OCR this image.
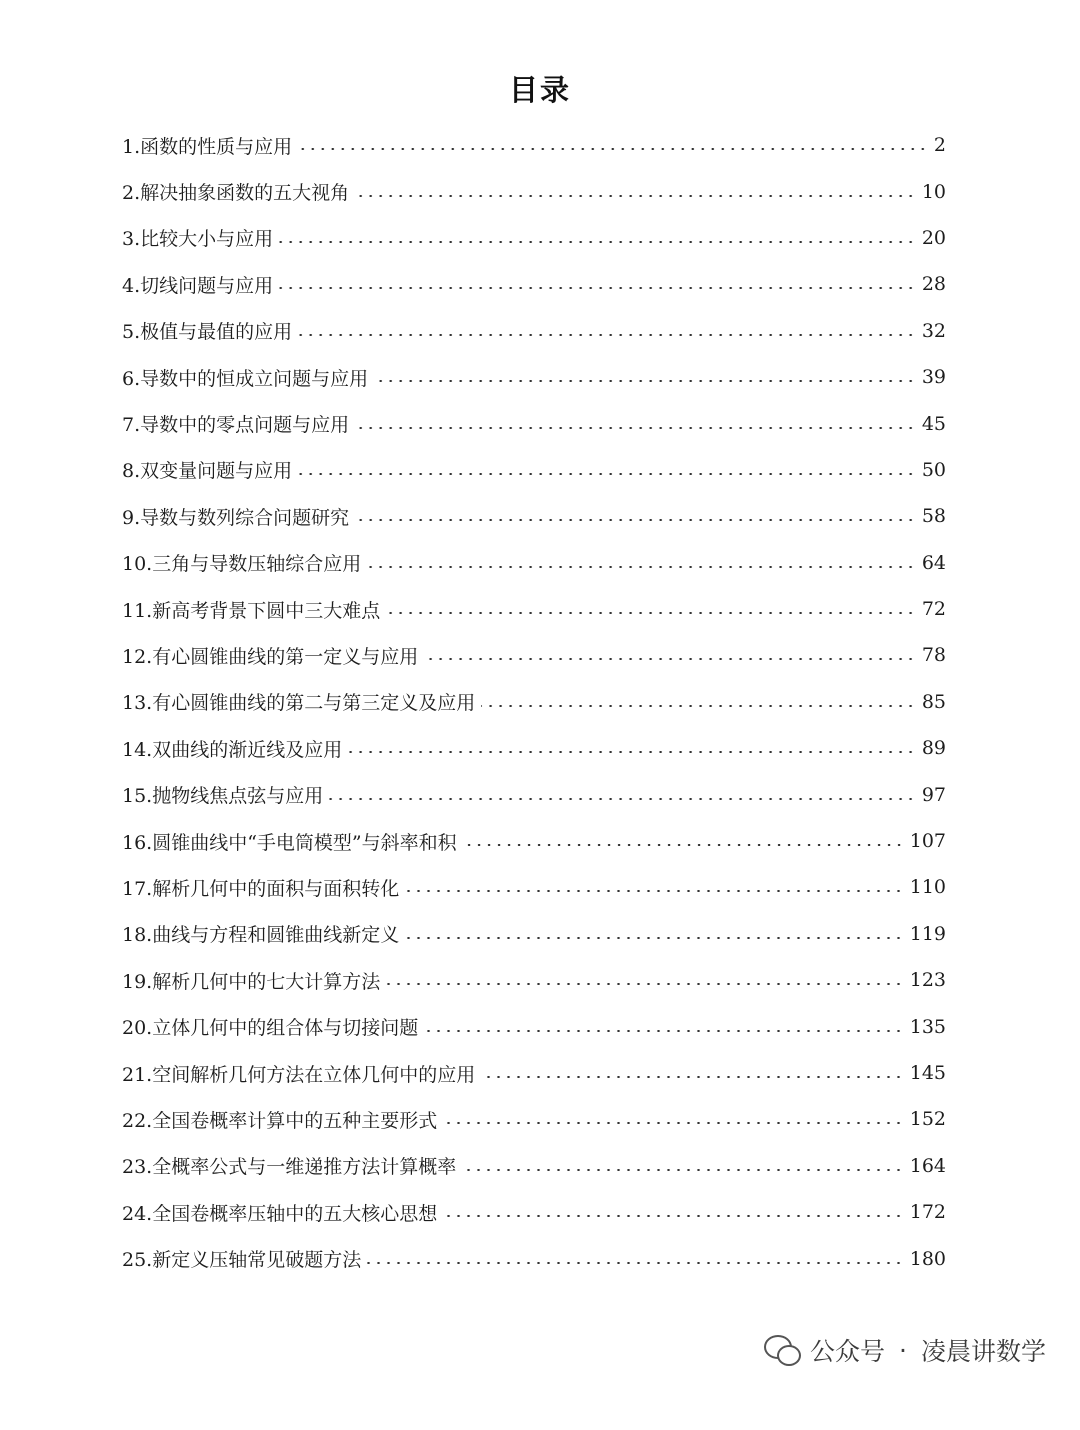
目录
1.函数的性质与应用	2
2.解决抽象函数的五大视角	10
3.比较大小与应用	20
4.切线问题与应用	28
5.极值与最值的应用	32
6.导数中的恒成立问题与应用	39
7.导数中的零点问题与应用	45
8.双变量问题与应用	50
9.导数与数列综合问题研究	58
10.三角与导数压轴综合应用	64
11.新高考背景下圆中三大难点	72
12.有心圆锥曲线的第一定义与应用	78
13.有心圆锥曲线的第二与第三定义及应用	85
14.双曲线的渐近线及应用	89
15.抛物线焦点弦与应用	97
16.圆锥曲线中“手电筒模型”与斜率和积	107
17.解析几何中的面积与面积转化	110
18.曲线与方程和圆锥曲线新定义	119
19.解析几何中的七大计算方法	123
20.立体几何中的组合体与切接问题	135
21.空间解析几何方法在立体几何中的应用	145
22.全国卷概率计算中的五种主要形式	152
23.全概率公式与一维递推方法计算概率	164
24.全国卷概率压轴中的五大核心思想	172
25.新定义压轴常见破题方法	180
公众号 · 凌晨讲数学
